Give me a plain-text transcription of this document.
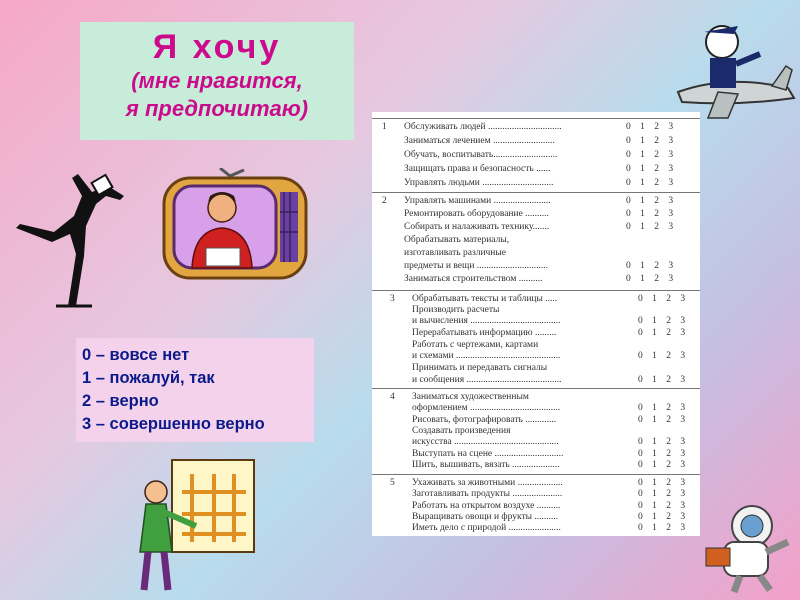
Я хочу
(мне нравится,
я предпочитаю)
0 – вовсе нет
1 – пожалуй, так
2 – верно
3 – совершенно верно
1 Обслуживать людей ...............................	0 1 2 3
Заниматься лечением ..........................	0 1 2 3
Обучать, воспитывать...........................	0 1 2 3
Защищать права и безопасность ......	0 1 2 3
Управлять людьми ..............................	0 1 2 3
2 Управлять машинами ........................	0 1 2 3
Ремонтировать оборудование ..........	0 1 2 3
Собирать и налаживать технику.......	0 1 2 3
Обрабатывать материалы,
изготавливать различные
предметы и вещи ..............................	0 1 2 3
Заниматься строительством ..........	0 1 2 3
3 Обрабатывать тексты и таблицы .....	0 1 2 3
Производить расчеты
и вычисления ......................................	0 1 2 3
Перерабатывать информацию .........	0 1 2 3
Работать с чертежами, картами
и схемами ............................................	0 1 2 3
Принимать и передавать сигналы
и сообщения ........................................	0 1 2 3
4 Заниматься художественным
оформлением ......................................	0 1 2 3
Рисовать, фотографировать .............	0 1 2 3
Создавать произведения
искусства ............................................	0 1 2 3
Выступать на сцене .............................	0 1 2 3
Шить, вышивать, вязать ....................	0 1 2 3
5 Ухаживать за животными ...................	0 1 2 3
Заготавливать продукты .....................	0 1 2 3
Работать на открытом воздухе ..........	0 1 2 3
Выращивать овощи и фрукты ..........	0 1 2 3
Иметь дело с природой ......................	0 1 2 3
